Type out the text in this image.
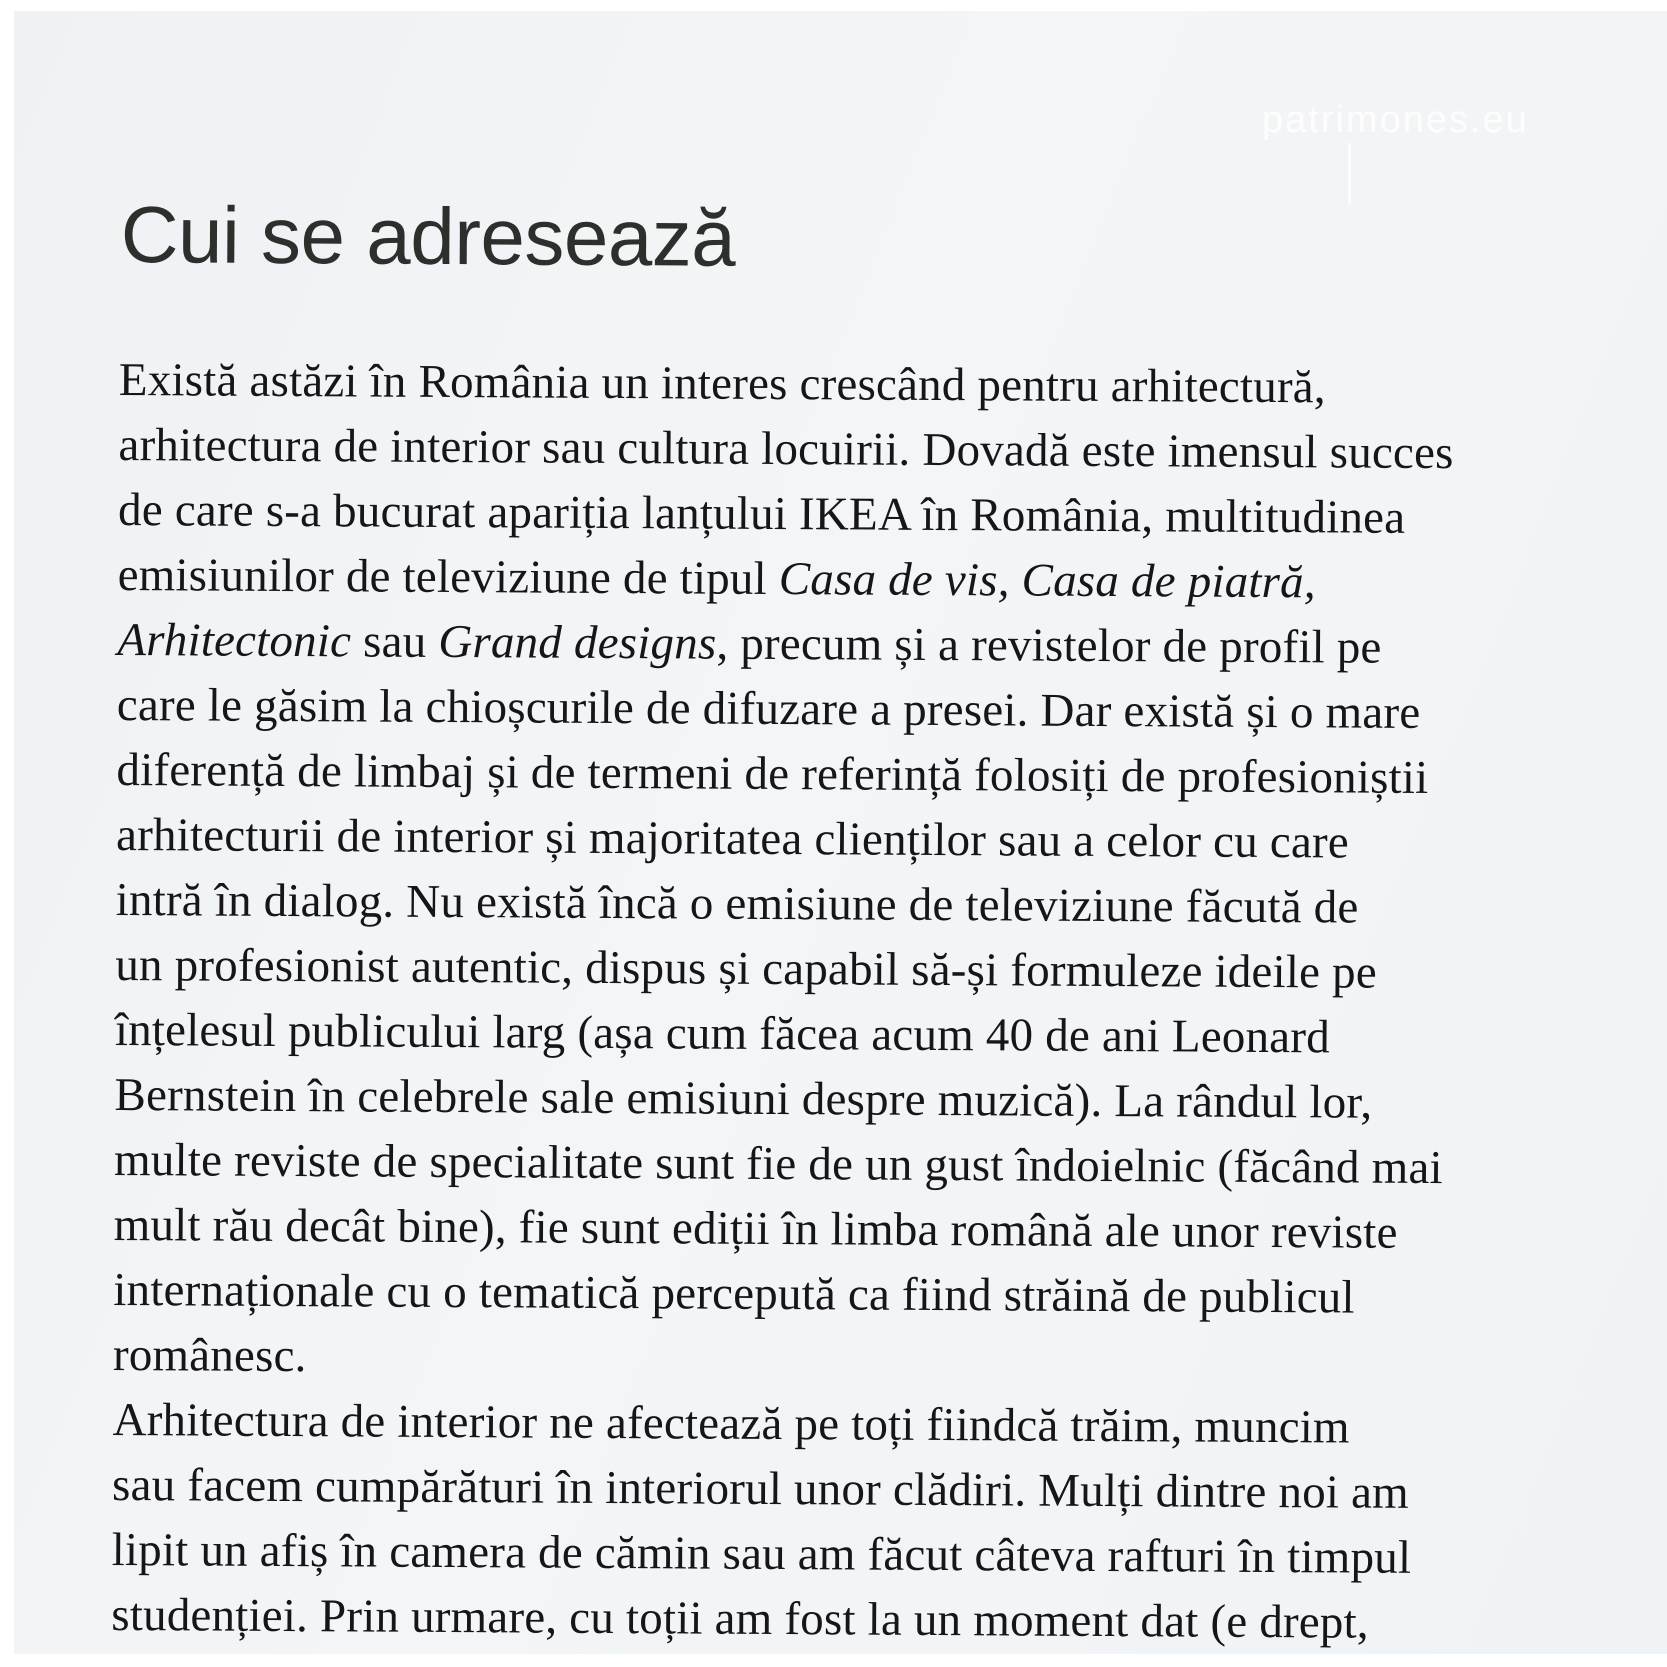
patrimones.eu
Cui se adresează
Există astăzi în România un interes crescând pentru arhitectură,
arhitectura de interior sau cultura locuirii. Dovadă este imensul succes
de care s-a bucurat apariția lanțului IKEA în România, multitudinea
emisiunilor de televiziune de tipul Casa de vis, Casa de piatră,
Arhitectonic sau Grand designs, precum și a revistelor de profil pe
care le găsim la chioșcurile de difuzare a presei. Dar există și o mare
diferență de limbaj și de termeni de referință folosiți de profesioniștii
arhitecturii de interior și majoritatea clienților sau a celor cu care
intră în dialog. Nu există încă o emisiune de televiziune făcută de
un profesionist autentic, dispus și capabil să-și formuleze ideile pe
înțelesul publicului larg (așa cum făcea acum 40 de ani Leonard
Bernstein în celebrele sale emisiuni despre muzică). La rândul lor,
multe reviste de specialitate sunt fie de un gust îndoielnic (făcând mai
mult rău decât bine), fie sunt ediții în limba română ale unor reviste
internaționale cu o tematică percepută ca fiind străină de publicul
românesc.
Arhitectura de interior ne afectează pe toți fiindcă trăim, muncim
sau facem cumpărături în interiorul unor clădiri. Mulți dintre noi am
lipit un afiș în camera de cămin sau am făcut câteva rafturi în timpul
studenției. Prin urmare, cu toții am fost la un moment dat (e drept,
